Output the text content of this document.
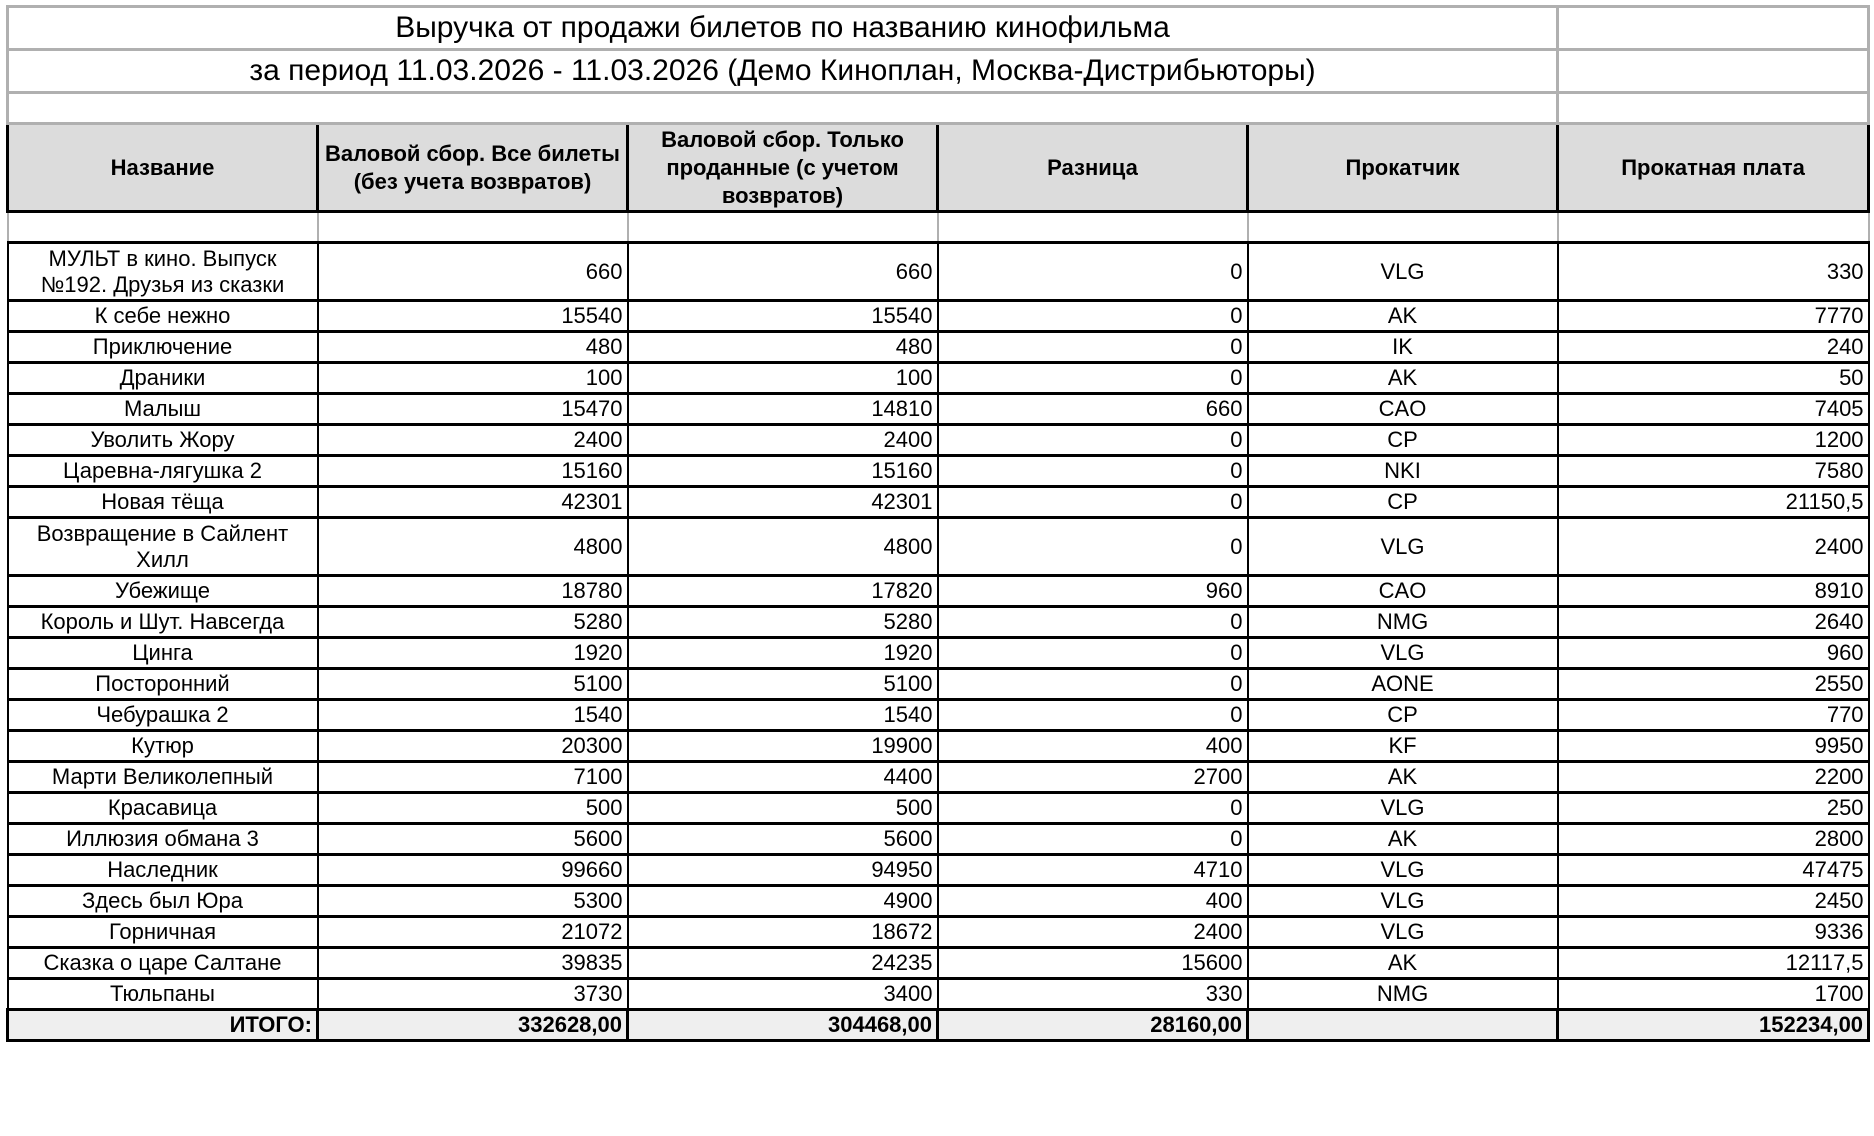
Выручка от продажи билетов по названию кинофильма					
за период 11.03.2026 - 11.03.2026 (Демо Киноплан, Москва-Дистрибьюторы)					

Название	Валовой сбор. Все билеты (без учета возвратов)	Валовой сбор. Только проданные (с учетом возвратов)	Разница	Прокатчик	Прокатная плата

МУЛЬТ в кино. Выпуск №192. Друзья из сказки	660	660	0	VLG	330
К себе нежно	15540	15540	0	AK	7770
Приключение	480	480	0	IK	240
Драники	100	100	0	AK	50
Малыш	15470	14810	660	CAO	7405
Уволить Жору	2400	2400	0	CP	1200
Царевна-лягушка 2	15160	15160	0	NKI	7580
Новая тёща	42301	42301	0	CP	21150,5
Возвращение в Сайлент Хилл	4800	4800	0	VLG	2400
Убежище	18780	17820	960	CAO	8910
Король и Шут. Навсегда	5280	5280	0	NMG	2640
Цинга	1920	1920	0	VLG	960
Посторонний	5100	5100	0	AONE	2550
Чебурашка 2	1540	1540	0	CP	770
Кутюр	20300	19900	400	KF	9950
Марти Великолепный	7100	4400	2700	AK	2200
Красавица	500	500	0	VLG	250
Иллюзия обмана 3	5600	5600	0	AK	2800
Наследник	99660	94950	4710	VLG	47475
Здесь был Юра	5300	4900	400	VLG	2450
Горничная	21072	18672	2400	VLG	9336
Сказка о царе Салтане	39835	24235	15600	AK	12117,5
Тюльпаны	3730	3400	330	NMG	1700
ИТОГО:	332628,00	304468,00	28160,00		152234,00
